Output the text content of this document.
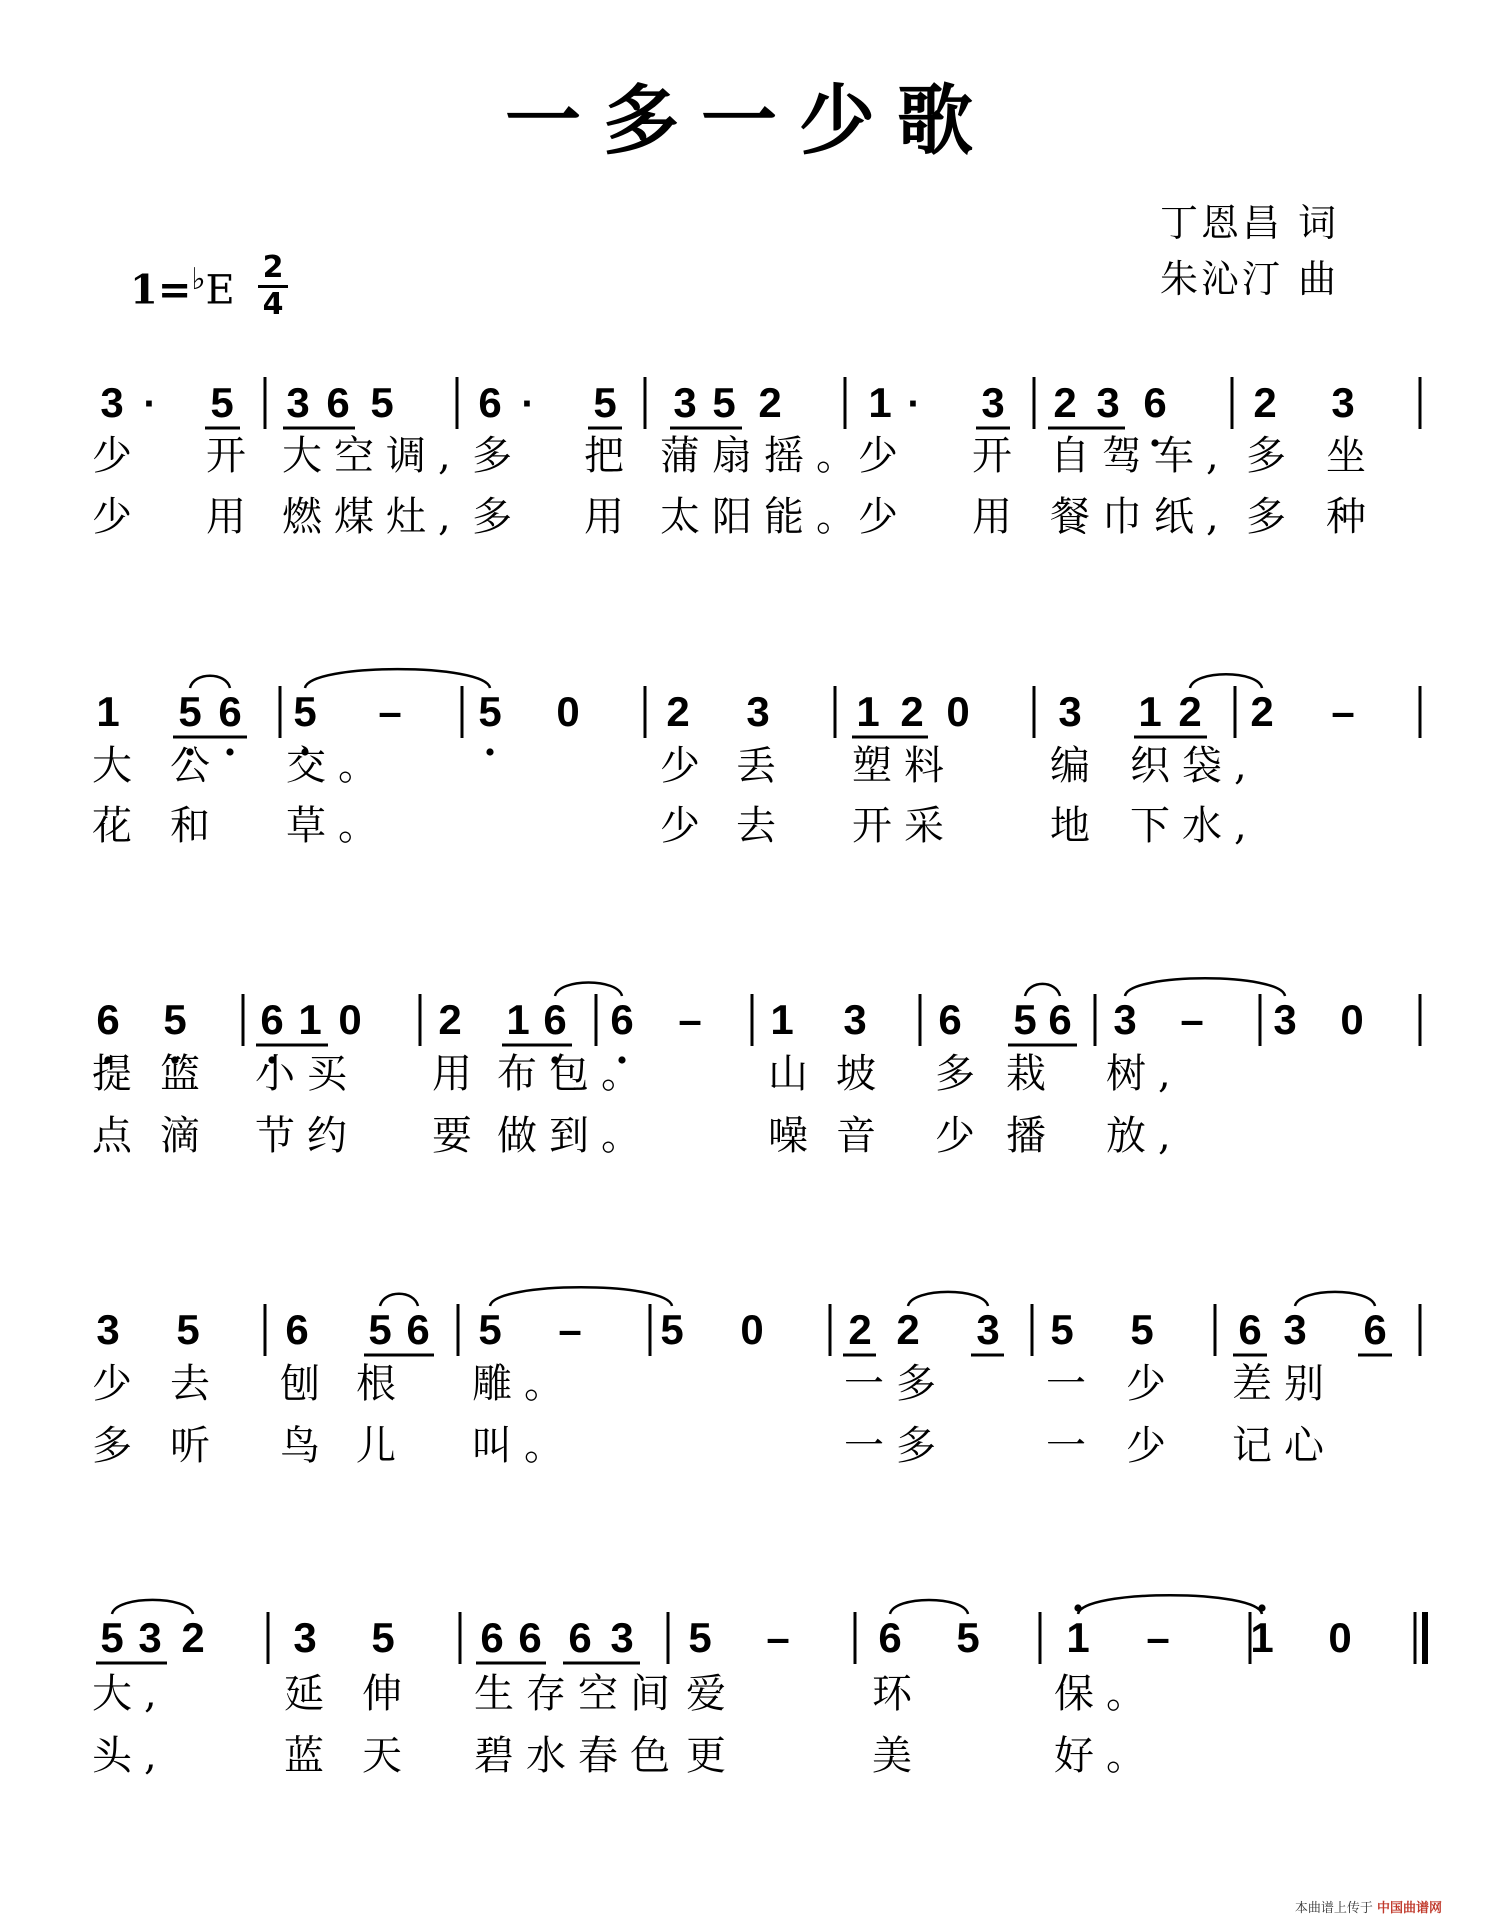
一多一少歌
丁恩昌 词
朱沁汀 曲
1=♭E 2
4
3 · 5 3 6 5 6 · 5 3 5 2 1 · 3 2 3 6 2 3
1 5 6 5 – 5 0 2 3 1 2 0 3 1 2 2 –
6 5 6 1 0 2 1 6 6 – 1 3 6 5 6 3 – 3 0
3 5 6 5 6 5 – 5 0 2 2 3 5 5 6 3 6
5 3 2 3 5 6 6 6 3 5 – 6 5 1 – 1 0
少 开 大空调, 多 把 蒲扇摇。
少 开 自驾车, 多 坐
少 用 燃煤灶, 多 用 太阳能。
少 用 餐巾纸, 多 种
大 公 交。	少 丢 塑料 编 织袋,
花 和 草。	少 去 开采 地 下水,
提 篮 小买 用 布包。	山 坡 多 栽 树,
点 滴 节约 要 做到。	噪 音 少 播 放,
少 去 刨 根 雕。	一多 一 少 差别
多 听 鸟 儿 叫。	一多 一 少 记心
大,	延 伸 生存空间 爱	环	保。
头,	蓝 天 碧水春色 更	美	好。
本曲谱上传于 中国曲谱网
